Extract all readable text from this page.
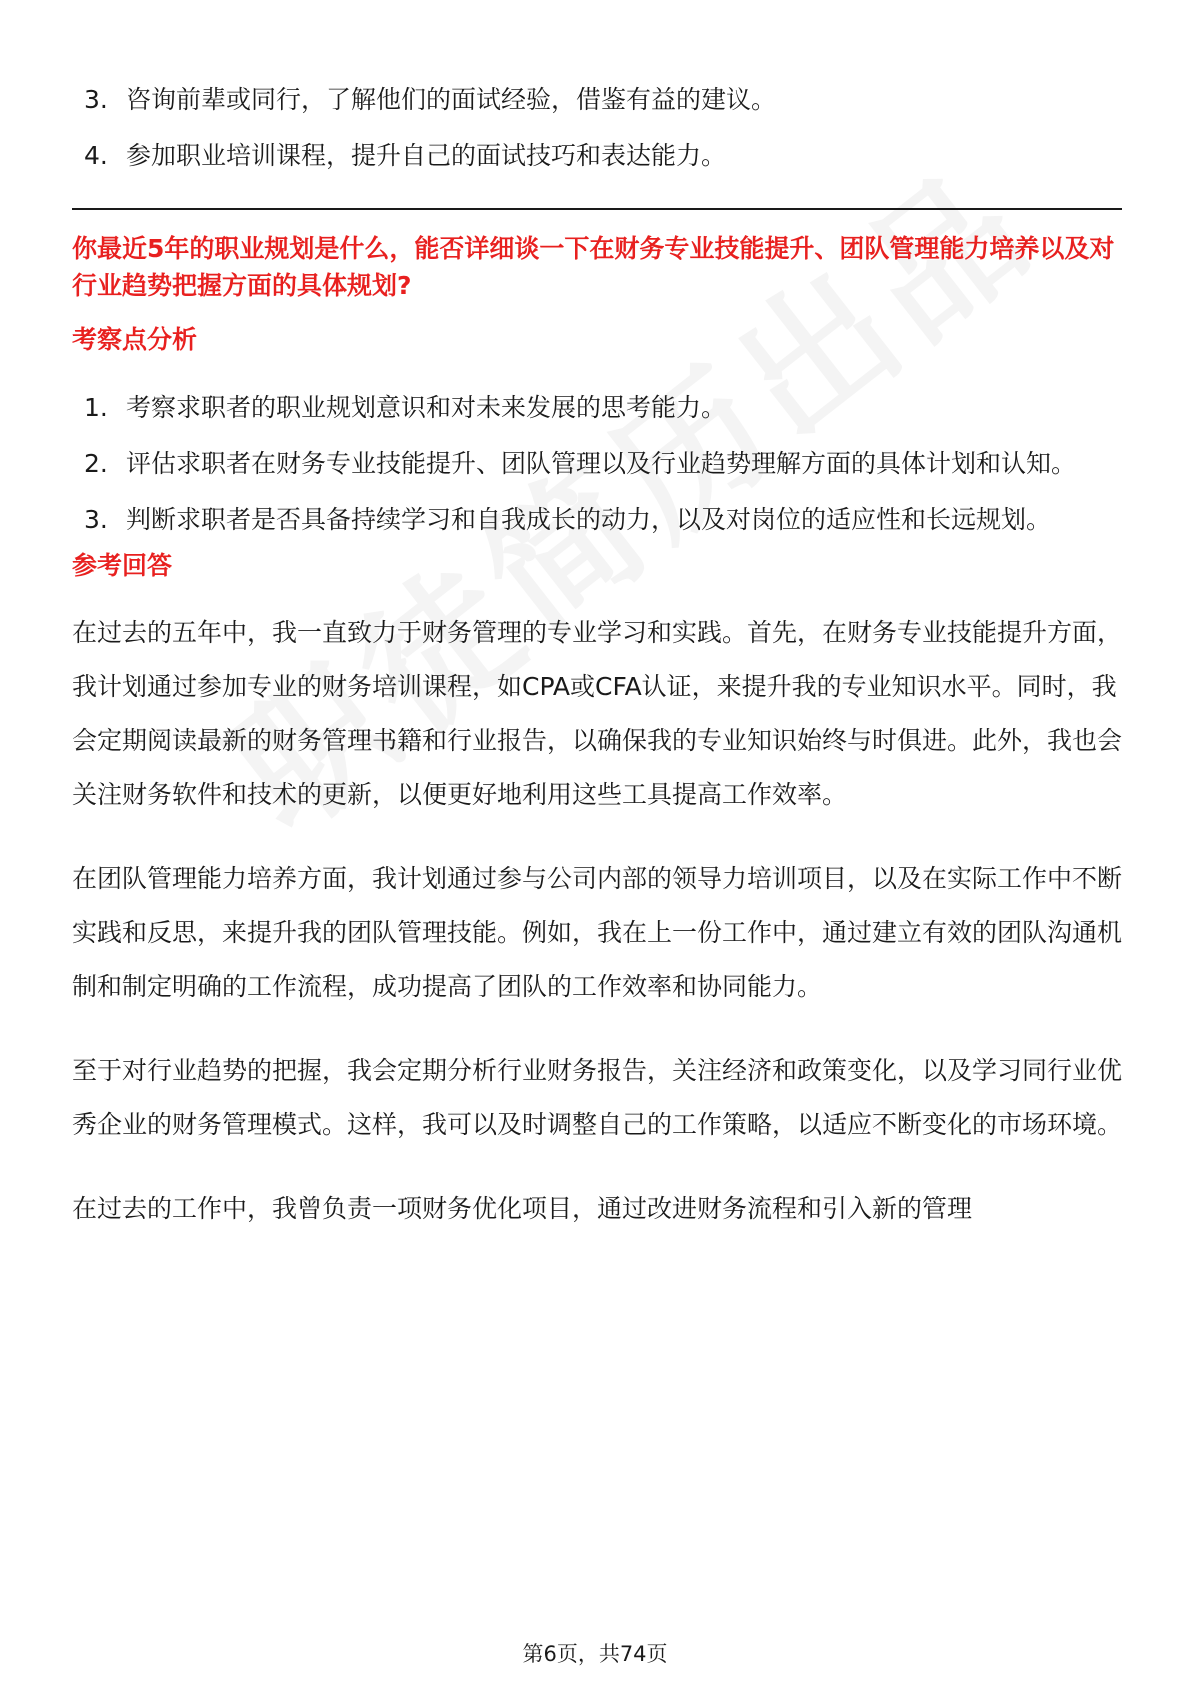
3. 咨询前辈或同行，了解他们的面试经验，借鉴有益的建议。
4. 参加职业培训课程，提升自己的面试技巧和表达能力。
你最近5年的职业规划是什么，能否详细谈一下在财务专业技能提升、团队管理能力培养以及对行业趋势把握方面的具体规划?
考察点分析
1. 考察求职者的职业规划意识和对未来发展的思考能力。
2. 评估求职者在财务专业技能提升、团队管理以及行业趋势理解方面的具体计划和认知。
3. 判断求职者是否具备持续学习和自我成长的动力，以及对岗位的适应性和长远规划。
参考回答

在过去的五年中，我一直致力于财务管理的专业学习和实践。首先，在财务专业技能提升方面，我计划通过参加专业的财务培训课程，如CPA或CFA认证，来提升我的专业知识水平。同时，我会定期阅读最新的财务管理书籍和行业报告，以确保我的专业知识始终与时俱进。此外，我也会关注财务软件和技术的更新，以便更好地利用这些工具提高工作效率。

在团队管理能力培养方面，我计划通过参与公司内部的领导力培训项目，以及在实际工作中不断实践和反思，来提升我的团队管理技能。例如，我在上一份工作中，通过建立有效的团队沟通机制和制定明确的工作流程，成功提高了团队的工作效率和协同能力。

至于对行业趋势的把握，我会定期分析行业财务报告，关注经济和政策变化，以及学习同行业优秀企业的财务管理模式。这样，我可以及时调整自己的工作策略，以适应不断变化的市场环境。

在过去的工作中，我曾负责一项财务优化项目，通过改进财务流程和引入新的管理

第6页，共74页
